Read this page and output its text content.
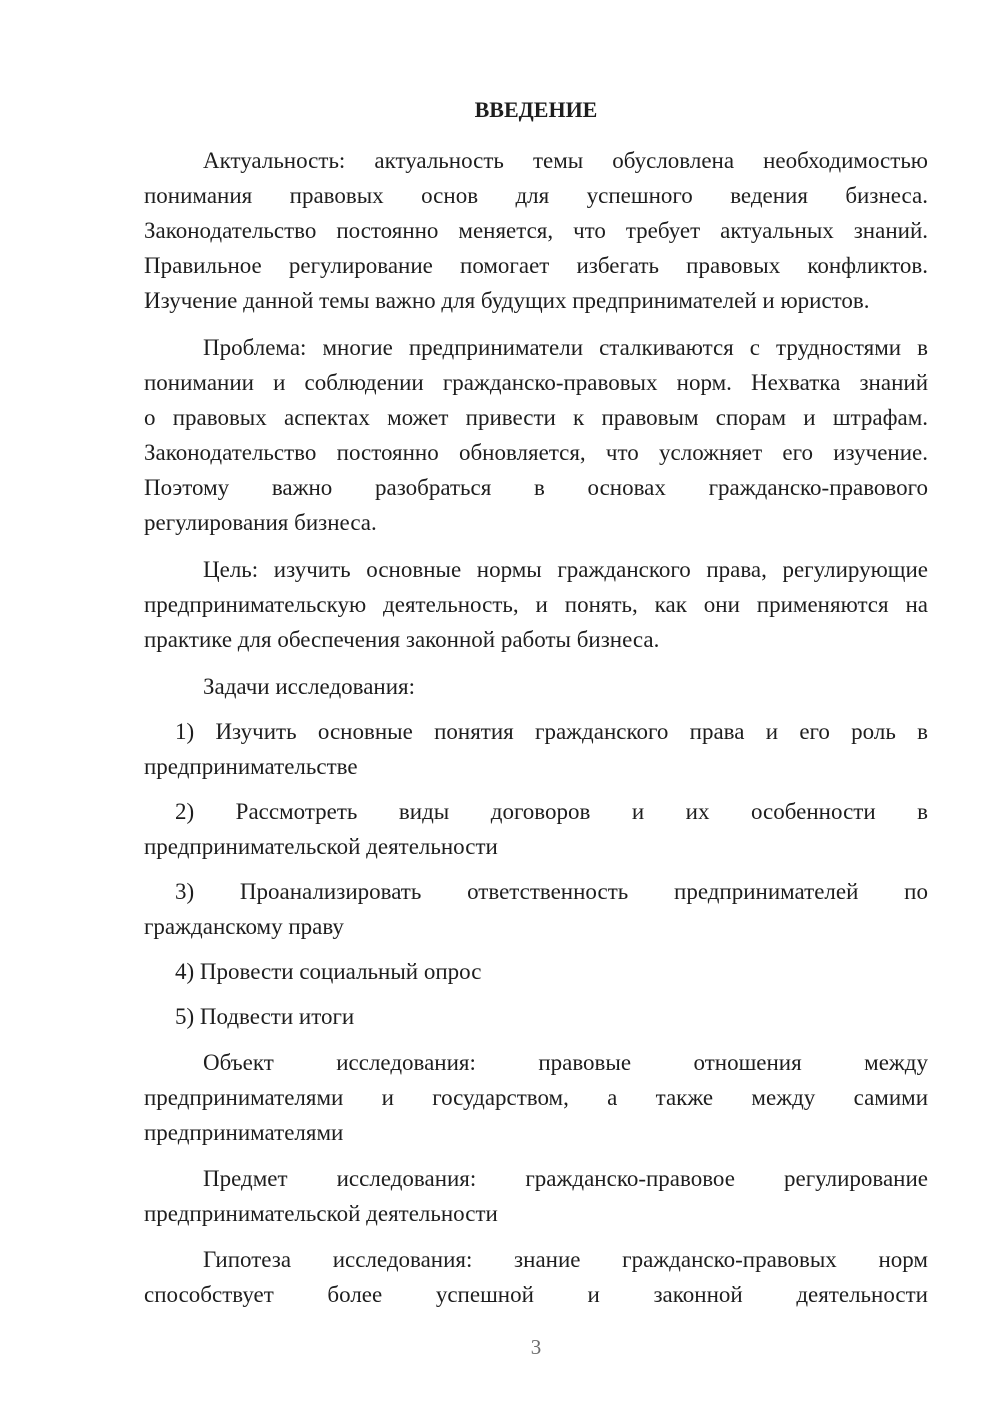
ВВЕДЕНИЕ
Актуальность: актуальность темы обусловлена необходимостью
понимания правовых основ для успешного ведения бизнеса.
Законодательство постоянно меняется, что требует актуальных знаний.
Правильное регулирование помогает избегать правовых конфликтов.
Изучение данной темы важно для будущих предпринимателей и юристов.
Проблема: многие предприниматели сталкиваются с трудностями в
понимании и соблюдении гражданско-правовых норм. Нехватка знаний
о правовых аспектах может привести к правовым спорам и штрафам.
Законодательство постоянно обновляется, что усложняет его изучение.
Поэтому важно разобраться в основах гражданско-правового
регулирования бизнеса.
Цель: изучить основные нормы гражданского права, регулирующие
предпринимательскую деятельность, и понять, как они применяются на
практике для обеспечения законной работы бизнеса.
Задачи исследования:
1) Изучить основные понятия гражданского права и его роль в
предпринимательстве
2) Рассмотреть виды договоров и их особенности в
предпринимательской деятельности
3) Проанализировать ответственность предпринимателей по
гражданскому праву
4) Провести социальный опрос
5) Подвести итоги
Объект исследования: правовые отношения между
предпринимателями и государством, а также между самими
предпринимателями
Предмет исследования: гражданско-правовое регулирование
предпринимательской деятельности
Гипотеза исследования: знание гражданско-правовых норм
способствует более успешной и законной деятельности
3
